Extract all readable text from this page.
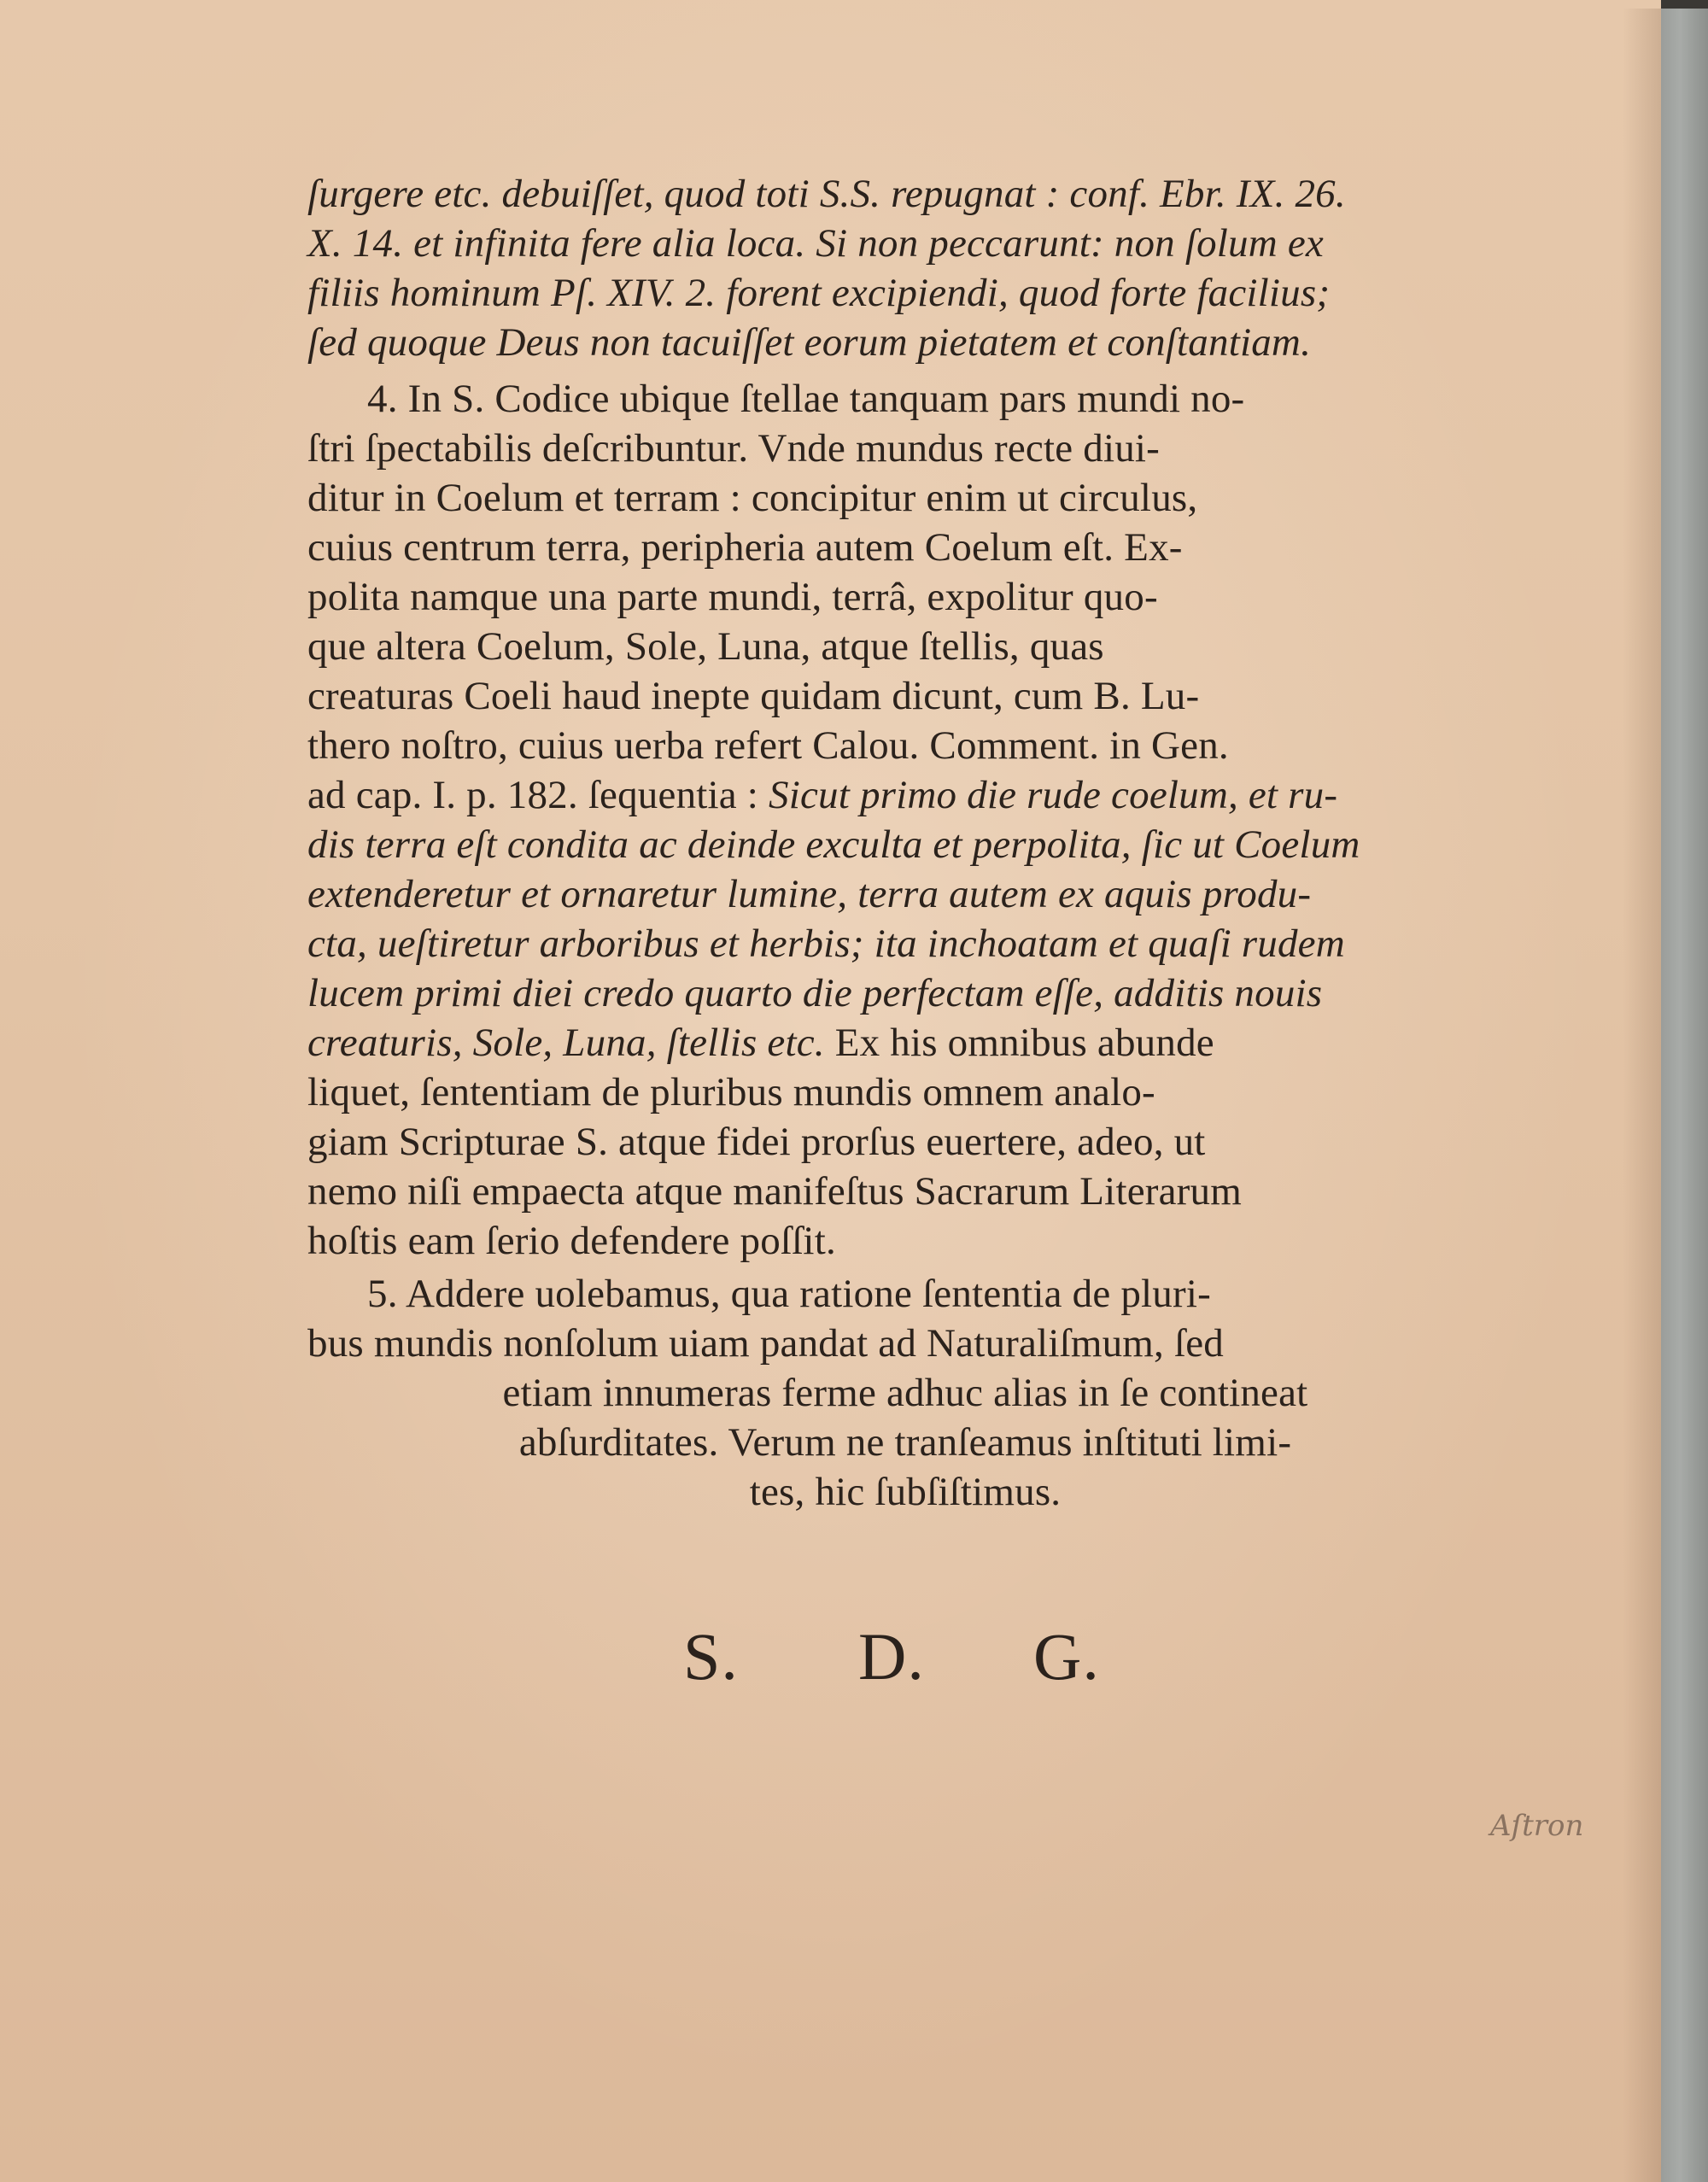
ſurgere etc. debuiſſet, quod toti S.S. repugnat : conf. Ebr. IX. 26.
X. 14. et infinita fere alia loca. Si non peccarunt: non ſolum ex
filiis hominum Pſ. XIV. 2. forent excipiendi, quod forte facilius;
ſed quoque Deus non tacuiſſet eorum pietatem et conſtantiam.
4. In S. Codice ubique ſtellae tanquam pars mundi no-
ſtri ſpectabilis deſcribuntur. Vnde mundus recte diui-
ditur in Coelum et terram : concipitur enim ut circulus,
cuius centrum terra, peripheria autem Coelum eſt. Ex-
polita namque una parte mundi, terrâ, expolitur quo-
que altera Coelum, Sole, Luna, atque ſtellis, quas
creaturas Coeli haud inepte quidam dicunt, cum B. Lu-
thero noſtro, cuius uerba refert Calou. Comment. in Gen.
ad cap. I. p. 182. ſequentia : Sicut primo die rude coelum, et ru-
dis terra eſt condita ac deinde exculta et perpolita, ſic ut Coelum
extenderetur et ornaretur lumine, terra autem ex aquis produ-
cta, ueſtiretur arboribus et herbis; ita inchoatam et quaſi rudem
lucem primi diei credo quarto die perfectam eſſe, additis nouis
creaturis, Sole, Luna, ſtellis etc. Ex his omnibus abunde
liquet, ſententiam de pluribus mundis omnem analo-
giam Scripturae S. atque fidei prorſus euertere, adeo, ut
nemo niſi empaecta atque manifeſtus Sacrarum Literarum
hoſtis eam ſerio defendere poſſit.
5. Addere uolebamus, qua ratione ſententia de pluri-
bus mundis nonſolum uiam pandat ad Naturaliſmum, ſed
etiam innumeras ferme adhuc alias in ſe contineat
abſurditates. Verum ne tranſeamus inſtituti limi-
tes, hic ſubſiſtimus.
S. D. G.
Aſtron
